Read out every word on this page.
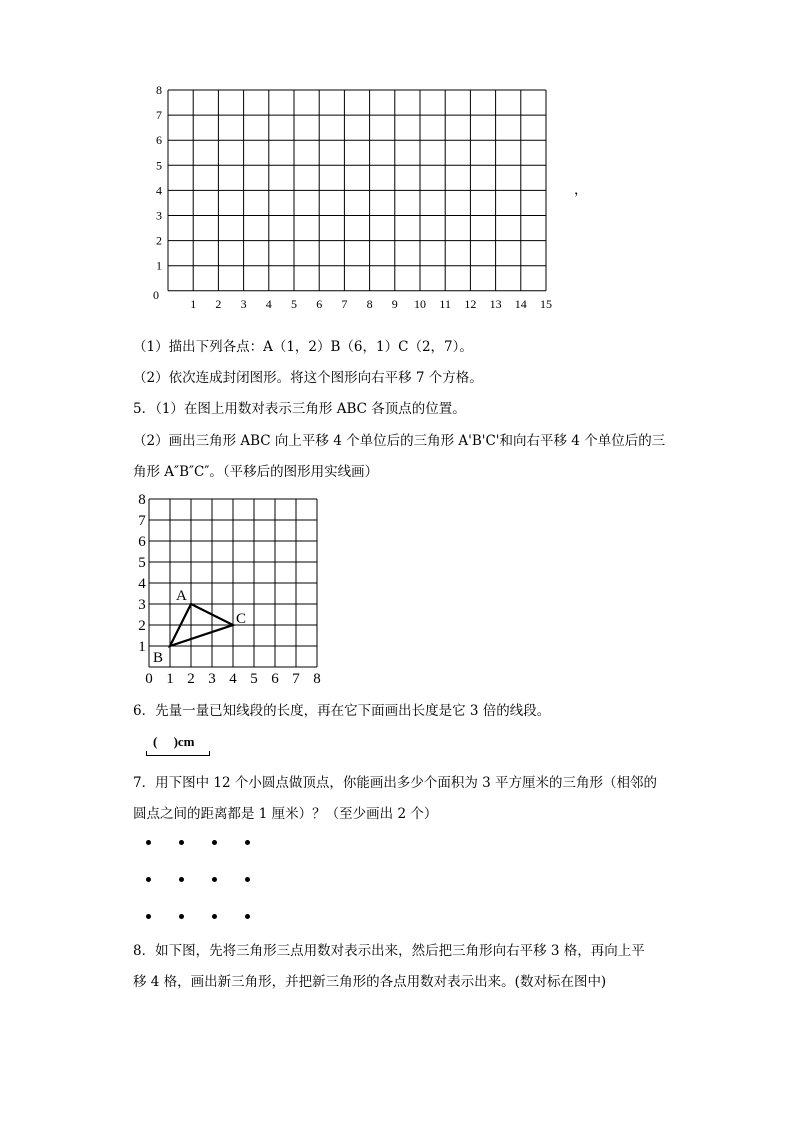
1 2 3 4 5 6 7 8 9 10 11 12 13 14 15
1
2
3
4
5
6
7
8
0
，
（1）描出下列各点：A（1，2）B（6，1）C（2，7）。
（2）依次连成封闭图形。将这个图形向右平移 7 个方格。
5．（1）在图上用数对表示三角形 ABC 各顶点的位置。
（2）画出三角形 ABC 向上平移 4 个单位后的三角形 A'B'C'和向右平移 4 个单位后的三
角形 A″B″C″。（平移后的图形用实线画）
0 1 2 3 4 5 6 7 8
1
2
3
4
5
6
7
8
A
B
C
6．先量一量已知线段的长度，再在它下面画出长度是它 3 倍的线段。
(     )cm
7．用下图中 12 个小圆点做顶点，你能画出多少个面积为 3 平方厘米的三角形（相邻的
圆点之间的距离都是 1 厘米）？（至少画出 2 个）
8．如下图，先将三角形三点用数对表示出来，然后把三角形向右平移 3 格，再向上平
移 4 格，画出新三角形，并把新三角形的各点用数对表示出来。(数对标在图中)
